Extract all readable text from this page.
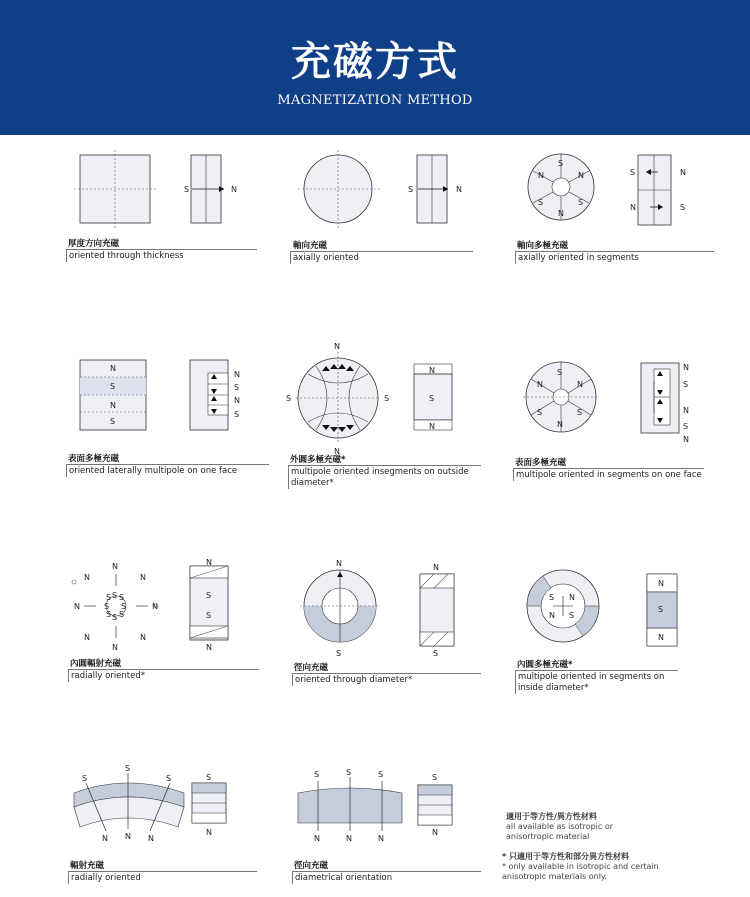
充磁方式
MAGNETIZATION METHOD
S	N
厚度方向充磁
oriented through thickness
S	N
軸向充磁
axially oriented
S
N
S
N
S
N	S	N
N	S
軸向多極充磁
axially oriented in segments
N
S
N
S
N
S
N
S
表面多極充磁
oriented laterally multipole on one face
N
N
S	S
N
S
N
外圓多極充磁*
multipole oriented insegments on outside diameter*
S
N
S
N
S
N
N
S
N
S
N
表面多極充磁
multipole oriented in segments on one face
S
S
S S
S S
S S
N
N
N	N
N	N
N	N
N
S
S
N
內圓輻射充磁
radially oriented*
N
S
N
S
徑向充磁
oriented through diameter*
S N
N S
N
S
N
內圓多極充磁*
multipole oriented in segments on inside diameter*
S
S
S
N N N
S
N
輻射充磁
radially oriented
S	S	S
N	N	N
S
N
徑向充磁
diametrical orientation
適用于等方性/異方性材料
all available as isotropic or anisortropic material
* 只適用于等方性和部分異方性材料
* only available in isotropic and certain anisotropic materials only.
